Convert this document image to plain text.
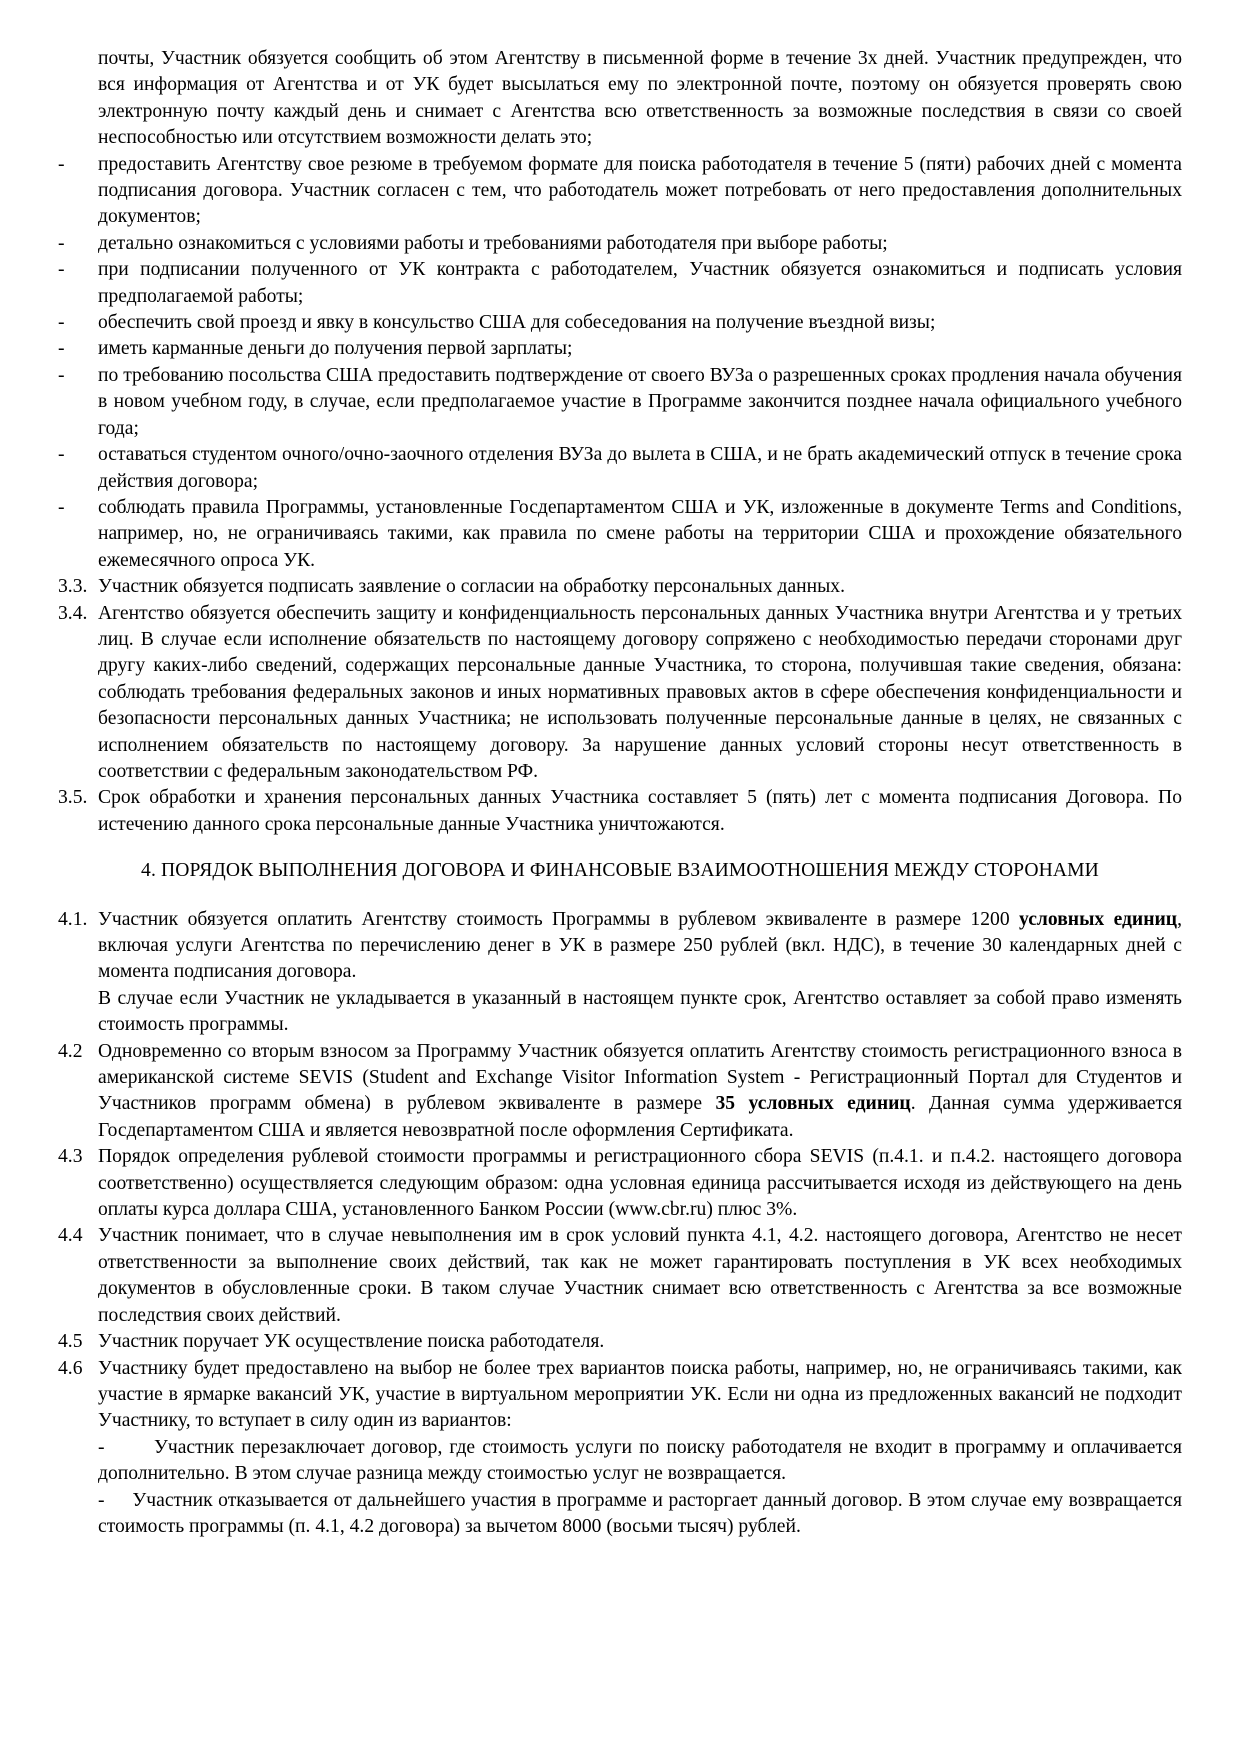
почты, Участник обязуется сообщить об этом Агентству в письменной форме в течение 3х дней. Участник предупрежден, что вся информация от Агентства и от УК будет высылаться ему по электронной почте, поэтому он обязуется проверять свою электронную почту каждый день и снимает с Агентства всю ответственность за возможные последствия в связи со своей неспособностью или отсутствием возможности делать это;

-	предоставить Агентству свое резюме в требуемом формате для поиска работодателя в течение 5 (пяти) рабочих дней с момента подписания договора. Участник согласен с тем, что работодатель может потребовать от него предоставления дополнительных документов;
-	детально ознакомиться с условиями работы и требованиями работодателя при выборе работы;
-	при подписании полученного от УК контракта с работодателем, Участник обязуется ознакомиться и подписать условия предполагаемой работы;
-	обеспечить свой проезд и явку в консульство США для собеседования на получение въездной визы;
-	иметь карманные деньги до получения первой зарплаты;
-	по требованию посольства США предоставить подтверждение от своего ВУЗа о разрешенных сроках продления начала обучения в новом учебном году, в случае, если предполагаемое участие в Программе закончится позднее начала официального учебного года;
-	оставаться студентом очного/очно-заочного отделения ВУЗа до вылета в США, и не брать академический отпуск в течение срока действия договора;
-	соблюдать правила Программы, установленные Госдепартаментом США и УК, изложенные в документе Terms and Conditions, например, но, не ограничиваясь такими, как правила по смене работы на территории США и прохождение обязательного ежемесячного опроса УК.
3.3. Участник обязуется подписать заявление о согласии на обработку персональных данных.
3.4. Агентство обязуется обеспечить защиту и конфиденциальность персональных данных Участника внутри Агентства и у третьих лиц. В случае если исполнение обязательств по настоящему договору сопряжено с необходимостью передачи сторонами друг другу каких-либо сведений, содержащих персональные данные Участника, то сторона, получившая такие сведения, обязана: соблюдать требования федеральных законов и иных нормативных правовых актов в сфере обеспечения конфиденциальности и безопасности персональных данных Участника; не использовать полученные персональные данные в целях, не связанных с исполнением обязательств по настоящему договору. За нарушение данных условий стороны несут ответственность в соответствии с федеральным законодательством РФ.
3.5. Срок обработки и хранения персональных данных Участника составляет 5 (пять) лет с момента подписания Договора. По истечению данного срока персональные данные Участника уничтожаются.
4. ПОРЯДОК ВЫПОЛНЕНИЯ ДОГОВОРА И ФИНАНСОВЫЕ ВЗАИМООТНОШЕНИЯ МЕЖДУ СТОРОНАМИ
4.1. Участник обязуется оплатить Агентству стоимость Программы в рублевом эквиваленте в размере 1200 условных единиц, включая услуги Агентства по перечислению денег в УК в размере 250 рублей (вкл. НДС), в течение 30 календарных дней с момента подписания договора.

В случае если Участник не укладывается в указанный в настоящем пункте срок, Агентство оставляет за собой право изменять стоимость программы.

4.2 Одновременно со вторым взносом за Программу Участник обязуется оплатить Агентству стоимость регистрационного взноса в американской системе SEVIS (Student and Exchange Visitor Information System - Регистрационный Портал для Студентов и Участников программ обмена) в рублевом эквиваленте в размере 35 условных единиц. Данная сумма удерживается Госдепартаментом США и является невозвратной после оформления Сертификата.
4.3 Порядок определения рублевой стоимости программы и регистрационного сбора SEVIS (п.4.1. и п.4.2. настоящего договора соответственно) осуществляется следующим образом: одна условная единица рассчитывается исходя из действующего на день оплаты курса доллара США, установленного Банком России (www.cbr.ru) плюс 3%.
4.4 Участник понимает, что в случае невыполнения им в срок условий пункта 4.1, 4.2. настоящего договора, Агентство не несет ответственности за выполнение своих действий, так как не может гарантировать поступления в УК всех необходимых документов в обусловленные сроки. В таком случае Участник снимает всю ответственность с Агентства за все возможные последствия своих действий.
4.5 Участник поручает УК осуществление поиска работодателя.
4.6 Участнику будет предоставлено на выбор не более трех вариантов поиска работы, например, но, не ограничиваясь такими, как участие в ярмарке вакансий УК, участие в виртуальном мероприятии УК. Если ни одна из предложенных вакансий не подходит Участнику, то вступает в силу один из вариантов:

-	Участник перезаключает договор, где стоимость услуги по поиску работодателя не входит в программу и оплачивается дополнительно. В этом случае разница между стоимостью услуг не возвращается.

- Участник отказывается от дальнейшего участия в программе и расторгает данный договор. В этом случае ему возвращается стоимость программы (п. 4.1, 4.2 договора) за вычетом 8000 (восьми тысяч) рублей.
